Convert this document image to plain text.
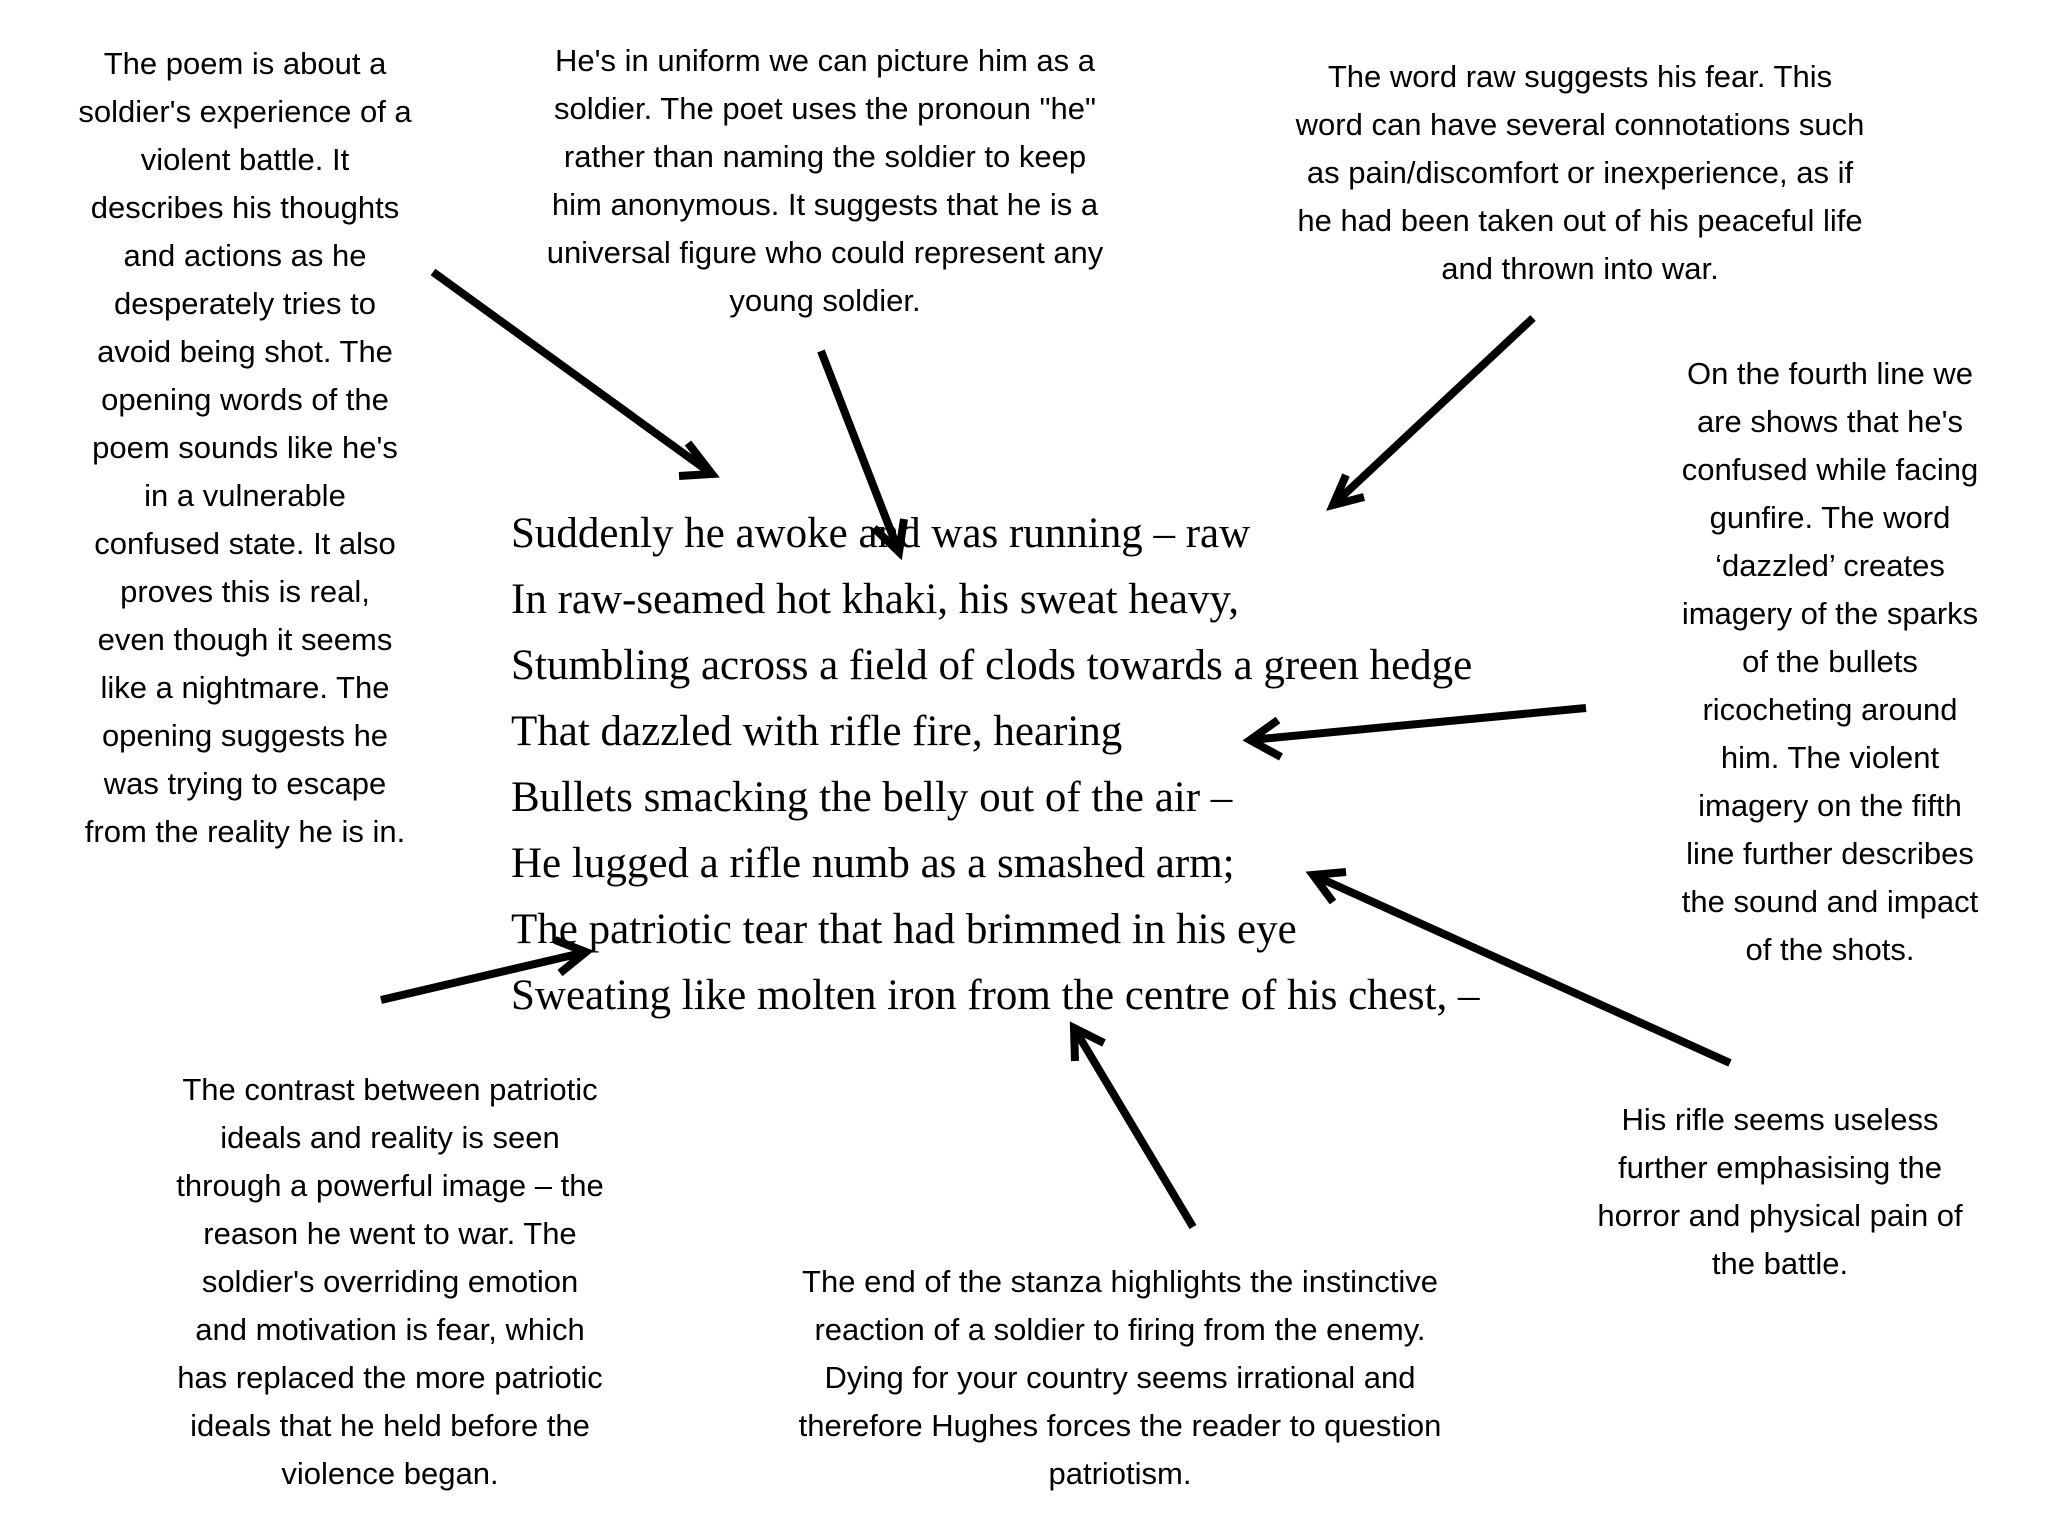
The poem is about a
soldier's experience of a
violent battle. It
describes his thoughts
and actions as he
desperately tries to
avoid being shot. The
opening words of the
poem sounds like he's
in a vulnerable
confused state. It also
proves this is real,
even though it seems
like a nightmare. The
opening suggests he
was trying to escape
from the reality he is in.

He's in uniform we can picture him as a
soldier. The poet uses the pronoun "he"
rather than naming the soldier to keep
him anonymous. It suggests that he is a
universal figure who could represent any
young soldier.

The word raw suggests his fear. This
word can have several connotations such
as pain/discomfort or inexperience, as if
he had been taken out of his peaceful life
and thrown into war.

On the fourth line we
are shows that he's
confused while facing
gunfire. The word
‘dazzled’ creates
imagery of the sparks
of the bullets
ricocheting around
him. The violent
imagery on the fifth
line further describes
the sound and impact
of the shots.

Suddenly he awoke and was running – raw
In raw-seamed hot khaki, his sweat heavy,
Stumbling across a field of clods towards a green hedge
That dazzled with rifle fire, hearing
Bullets smacking the belly out of the air –
He lugged a rifle numb as a smashed arm;
The patriotic tear that had brimmed in his eye
Sweating like molten iron from the centre of his chest, –

The contrast between patriotic
ideals and reality is seen
through a powerful image – the
reason he went to war. The
soldier's overriding emotion
and motivation is fear, which
has replaced the more patriotic
ideals that he held before the
violence began.

The end of the stanza highlights the instinctive
reaction of a soldier to firing from the enemy.
Dying for your country seems irrational and
therefore Hughes forces the reader to question
patriotism.

His rifle seems useless
further emphasising the
horror and physical pain of
the battle.
